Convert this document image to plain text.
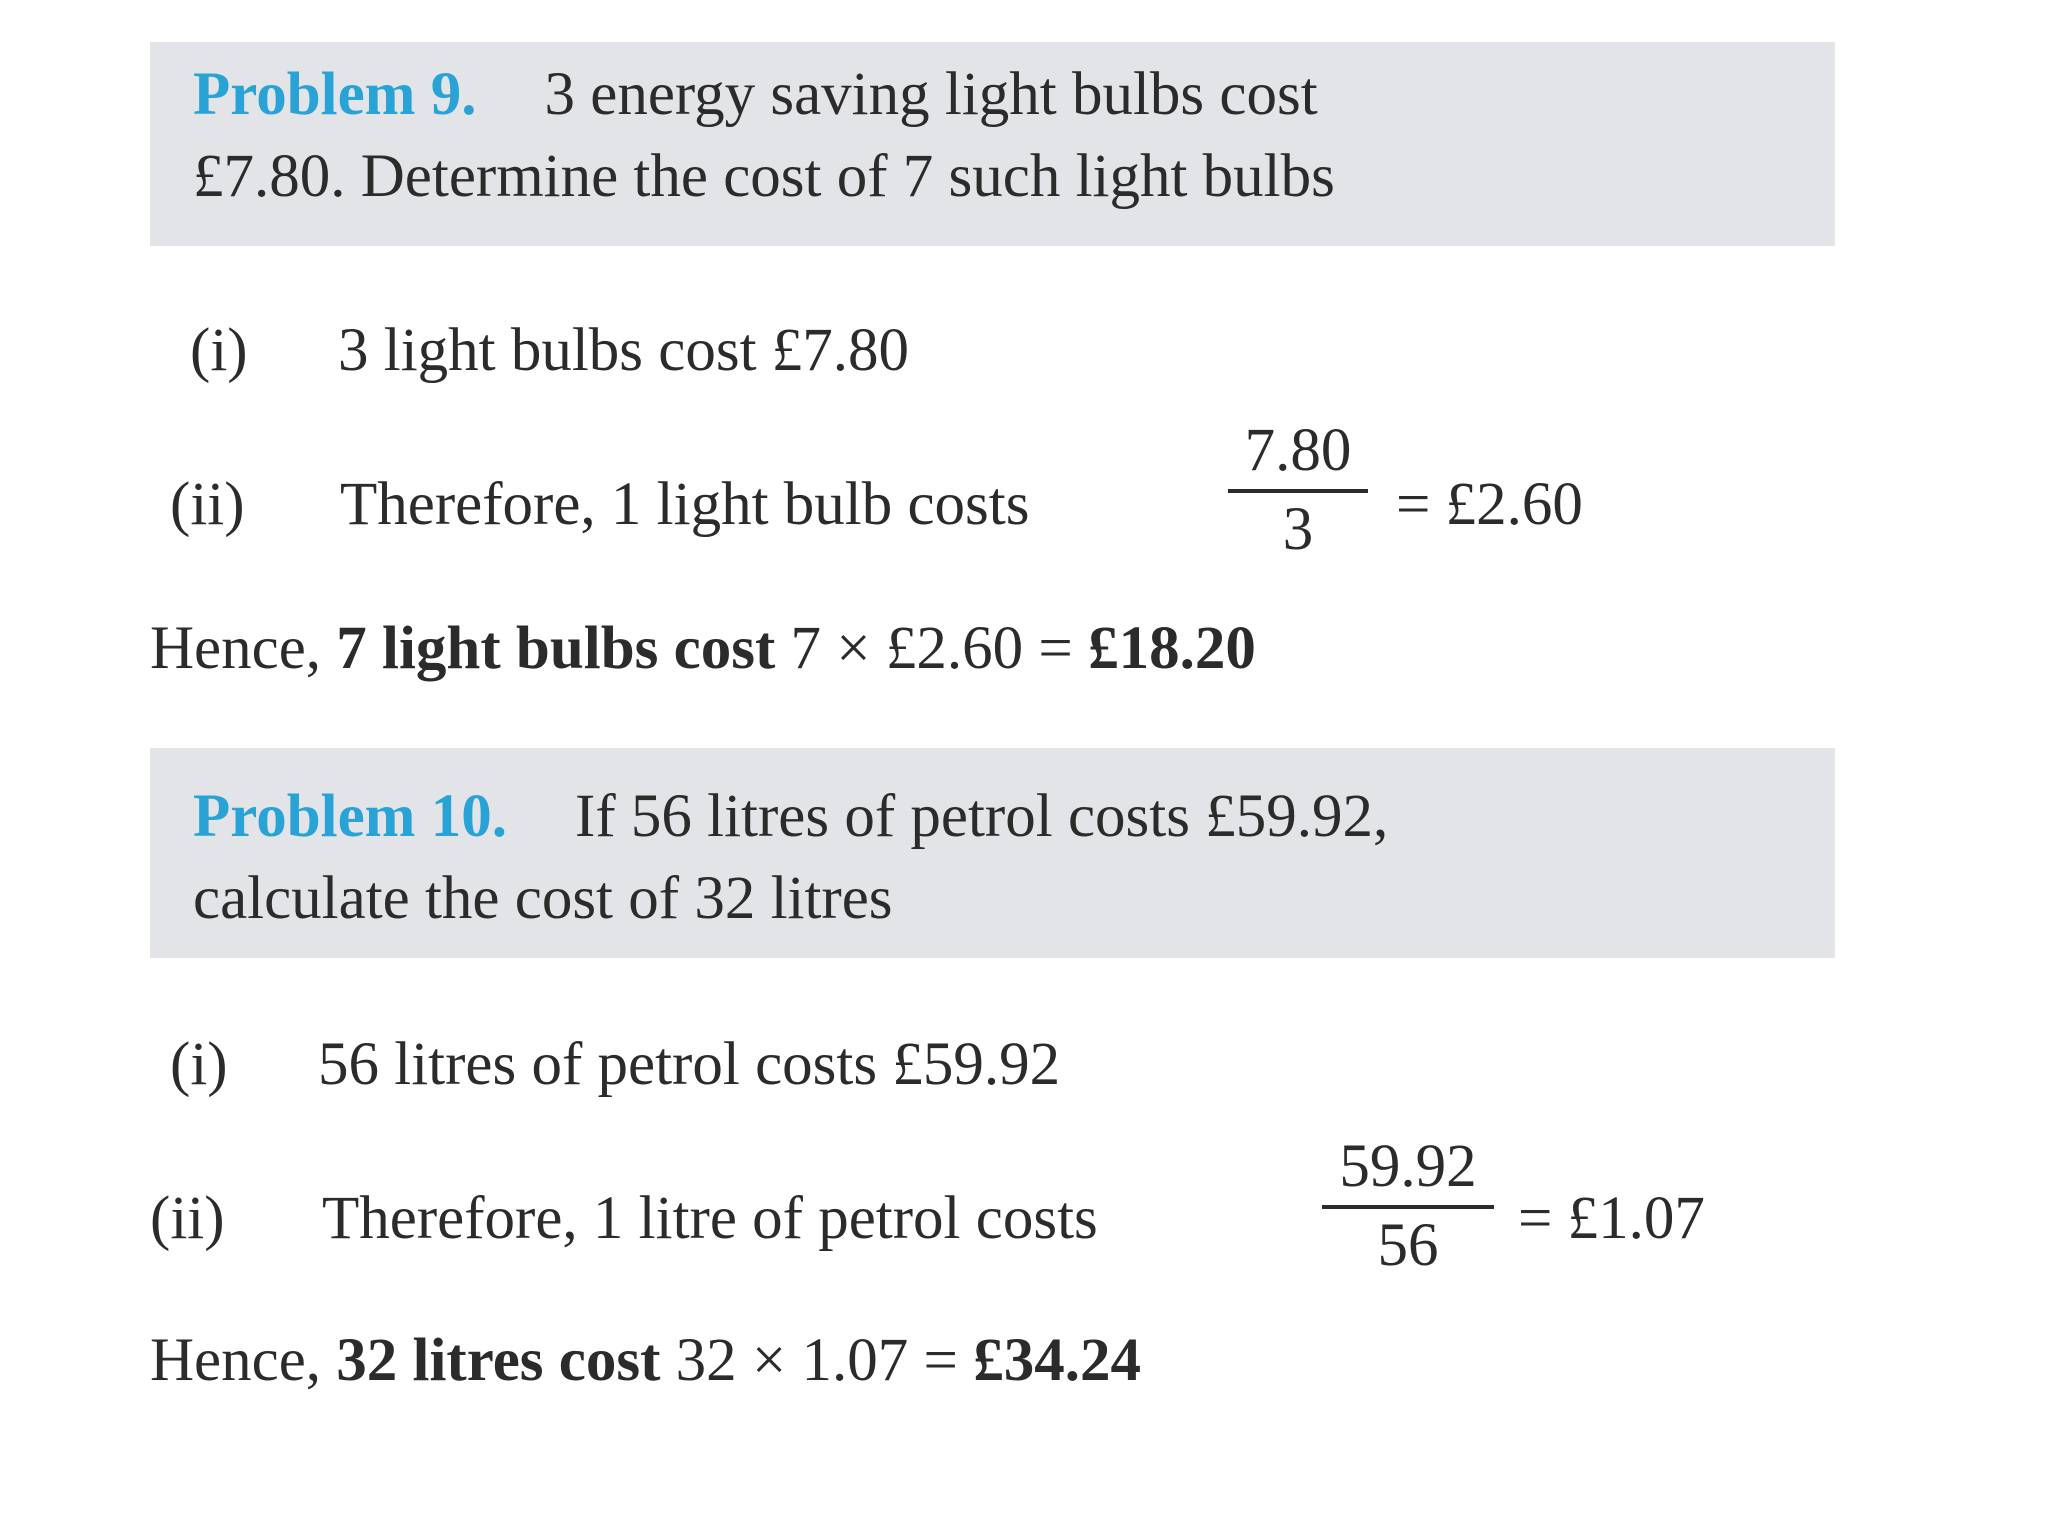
Problem 9. 3 energy saving light bulbs cost
£7.80. Determine the cost of 7 such light bulbs
(i) 3 light bulbs cost £7.80
(ii) Therefore, 1 light bulb costs
7.80
3	= £2.60
Hence, 7 light bulbs cost 7 × £2.60 = £18.20
Problem 10. If 56 litres of petrol costs £59.92,
calculate the cost of 32 litres
(i) 56 litres of petrol costs £59.92
(ii) Therefore, 1 litre of petrol costs
59.92
56	= £1.07
Hence, 32 litres cost 32 × 1.07 = £34.24
